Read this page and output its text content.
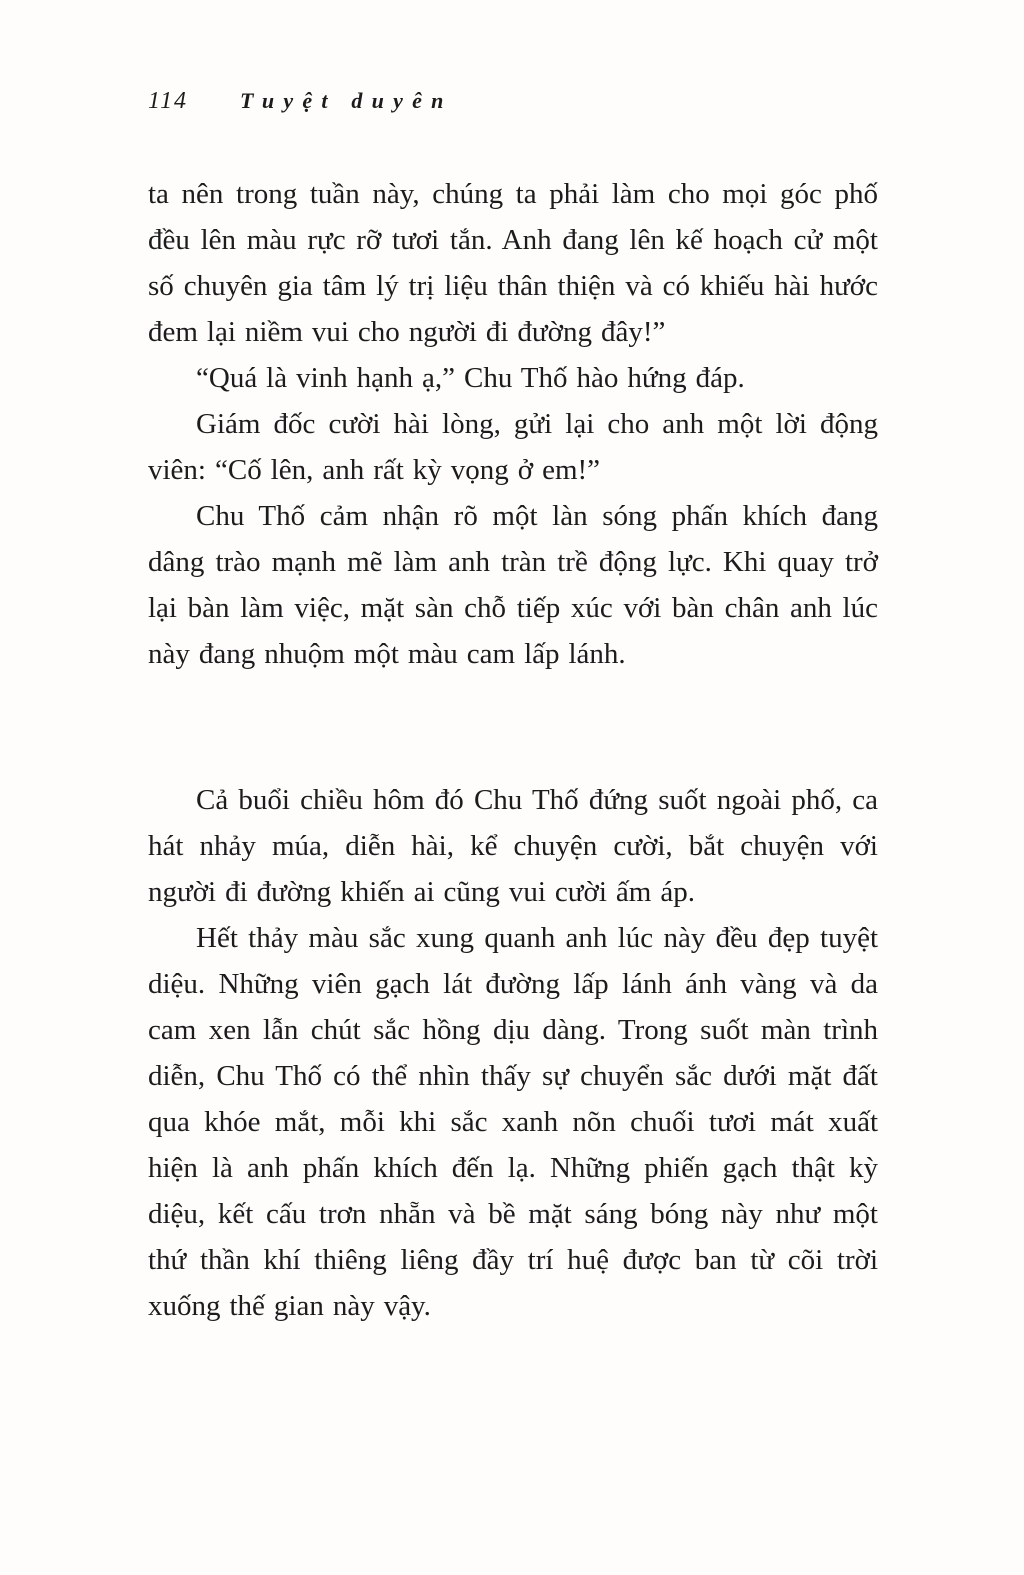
114 Tuyệt duyên

ta nên trong tuần này, chúng ta phải làm cho mọi góc phố đều lên màu rực rỡ tươi tắn. Anh đang lên kế hoạch cử một số chuyên gia tâm lý trị liệu thân thiện và có khiếu hài hước đem lại niềm vui cho người đi đường đây!”

“Quá là vinh hạnh ạ,” Chu Thố hào hứng đáp.

Giám đốc cười hài lòng, gửi lại cho anh một lời động viên: “Cố lên, anh rất kỳ vọng ở em!”

Chu Thố cảm nhận rõ một làn sóng phấn khích đang dâng trào mạnh mẽ làm anh tràn trề động lực. Khi quay trở lại bàn làm việc, mặt sàn chỗ tiếp xúc với bàn chân anh lúc này đang nhuộm một màu cam lấp lánh.

Cả buổi chiều hôm đó Chu Thố đứng suốt ngoài phố, ca hát nhảy múa, diễn hài, kể chuyện cười, bắt chuyện với người đi đường khiến ai cũng vui cười ấm áp.

Hết thảy màu sắc xung quanh anh lúc này đều đẹp tuyệt diệu. Những viên gạch lát đường lấp lánh ánh vàng và da cam xen lẫn chút sắc hồng dịu dàng. Trong suốt màn trình diễn, Chu Thố có thể nhìn thấy sự chuyển sắc dưới mặt đất qua khóe mắt, mỗi khi sắc xanh nõn chuối tươi mát xuất hiện là anh phấn khích đến lạ. Những phiến gạch thật kỳ diệu, kết cấu trơn nhẵn và bề mặt sáng bóng này như một thứ thần khí thiêng liêng đầy trí huệ được ban từ cõi trời xuống thế gian này vậy.
